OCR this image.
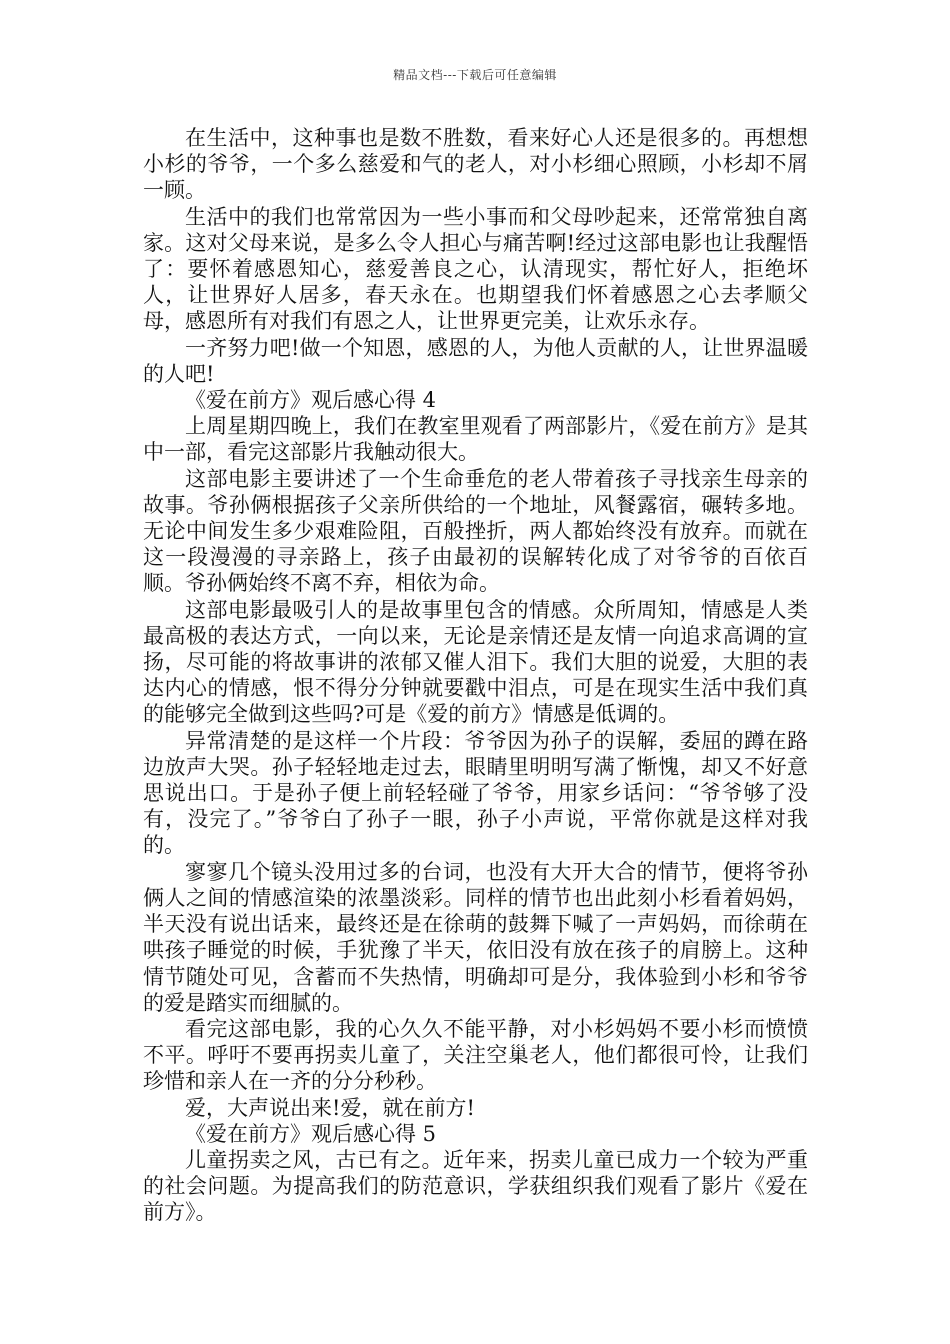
精品文档---下载后可任意编辑

在生活中，这种事也是数不胜数，看来好心人还是很多的。再想想小杉的爷爷，一个多么慈爱和气的老人，对小杉细心照顾，小杉却不屑一顾。

生活中的我们也常常因为一些小事而和父母吵起来，还常常独自离家。这对父母来说，是多么令人担心与痛苦啊!经过这部电影也让我醒悟了：要怀着感恩知心，慈爱善良之心，认清现实，帮忙好人，拒绝坏人，让世界好人居多，春天永在。也期望我们怀着感恩之心去孝顺父母，感恩所有对我们有恩之人，让世界更完美，让欢乐永存。

一齐努力吧!做一个知恩，感恩的人，为他人贡献的人，让世界温暖的人吧!

《爱在前方》观后感心得 4

上周星期四晚上，我们在教室里观看了两部影片，《爱在前方》是其中一部，看完这部影片我触动很大。

这部电影主要讲述了一个生命垂危的老人带着孩子寻找亲生母亲的故事。爷孙俩根据孩子父亲所供给的一个地址，风餐露宿，碾转多地。无论中间发生多少艰难险阻，百般挫折，两人都始终没有放弃。而就在这一段漫漫的寻亲路上，孩子由最初的误解转化成了对爷爷的百依百顺。爷孙俩始终不离不弃，相依为命。

这部电影最吸引人的是故事里包含的情感。众所周知，情感是人类最高极的表达方式，一向以来，无论是亲情还是友情一向追求高调的宣扬，尽可能的将故事讲的浓郁又催人泪下。我们大胆的说爱，大胆的表达内心的情感，恨不得分分钟就要戳中泪点，可是在现实生活中我们真的能够完全做到这些吗?可是《爱的前方》情感是低调的。

异常清楚的是这样一个片段：爷爷因为孙子的误解，委屈的蹲在路边放声大哭。孙子轻轻地走过去，眼睛里明明写满了惭愧，却又不好意思说出口。于是孙子便上前轻轻碰了爷爷，用家乡话问：“爷爷够了没有，没完了。”爷爷白了孙子一眼，孙子小声说，平常你就是这样对我的。

寥寥几个镜头没用过多的台词，也没有大开大合的情节，便将爷孙俩人之间的情感渲染的浓墨淡彩。同样的情节也出此刻小杉看着妈妈，半天没有说出话来，最终还是在徐萌的鼓舞下喊了一声妈妈，而徐萌在哄孩子睡觉的时候，手犹豫了半天，依旧没有放在孩子的肩膀上。这种情节随处可见，含蓄而不失热情，明确却可是分，我体验到小杉和爷爷的爱是踏实而细腻的。

看完这部电影，我的心久久不能平静，对小杉妈妈不要小杉而愤愤不平。呼吁不要再拐卖儿童了，关注空巢老人，他们都很可怜，让我们珍惜和亲人在一齐的分分秒秒。

爱，大声说出来!爱，就在前方!

《爱在前方》观后感心得 5

儿童拐卖之风，古已有之。近年来，拐卖儿童已成力一个较为严重的社会问题。为提高我们的防范意识，学获组织我们观看了影片《爱在前方》。
